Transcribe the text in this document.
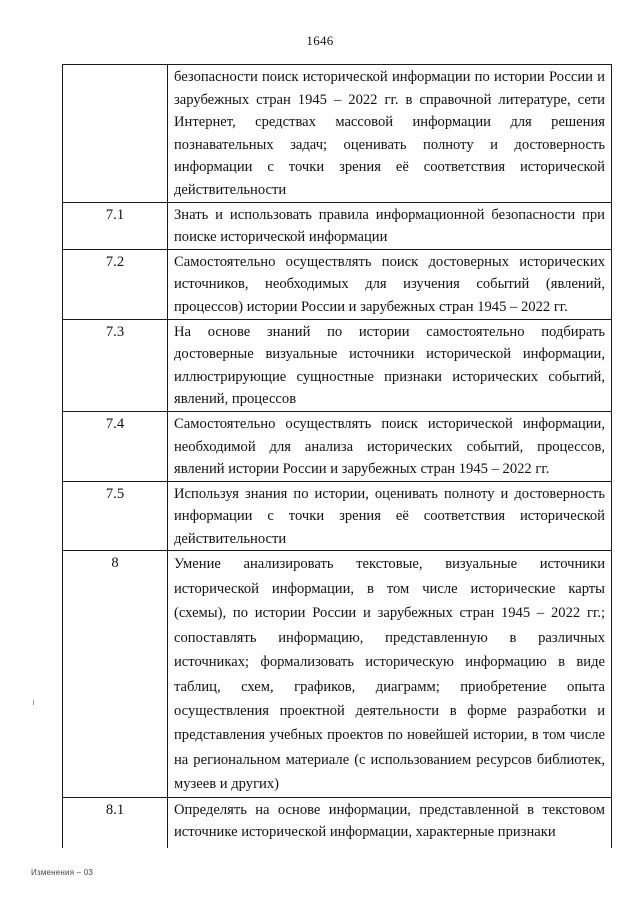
1646

	безопасности поиск исторической информации по истории России и зарубежных стран 1945 – 2022 гг. в справочной литературе, сети Интернет, средствах массовой информации для решения познавательных задач; оценивать полноту и достоверность информации с точки зрения её соответствия исторической действительности

7.1	Знать и использовать правила информационной безопасности при поиске исторической информации

7.2	Самостоятельно осуществлять поиск достоверных исторических источников, необходимых для изучения событий (явлений, процессов) истории России и зарубежных стран 1945 – 2022 гг.

7.3	На основе знаний по истории самостоятельно подбирать достоверные визуальные источники исторической информации, иллюстрирующие сущностные признаки исторических событий, явлений, процессов

7.4	Самостоятельно осуществлять поиск исторической информации, необходимой для анализа исторических событий, процессов, явлений истории России и зарубежных стран 1945 – 2022 гг.

7.5	Используя знания по истории, оценивать полноту и достоверность информации с точки зрения её соответствия исторической действительности

8	Умение анализировать текстовые, визуальные источники исторической информации, в том числе исторические карты (схемы), по истории России и зарубежных стран 1945 – 2022 гг.; сопоставлять информацию, представленную в различных источниках; формализовать историческую информацию в виде таблиц, схем, графиков, диаграмм; приобретение опыта осуществления проектной деятельности в форме разработки и представления учебных проектов по новейшей истории, в том числе на региональном материале (с использованием ресурсов библиотек, музеев и других)

8.1	Определять на основе информации, представленной в текстовом источнике исторической информации, характерные признаки
Изменения – 03
